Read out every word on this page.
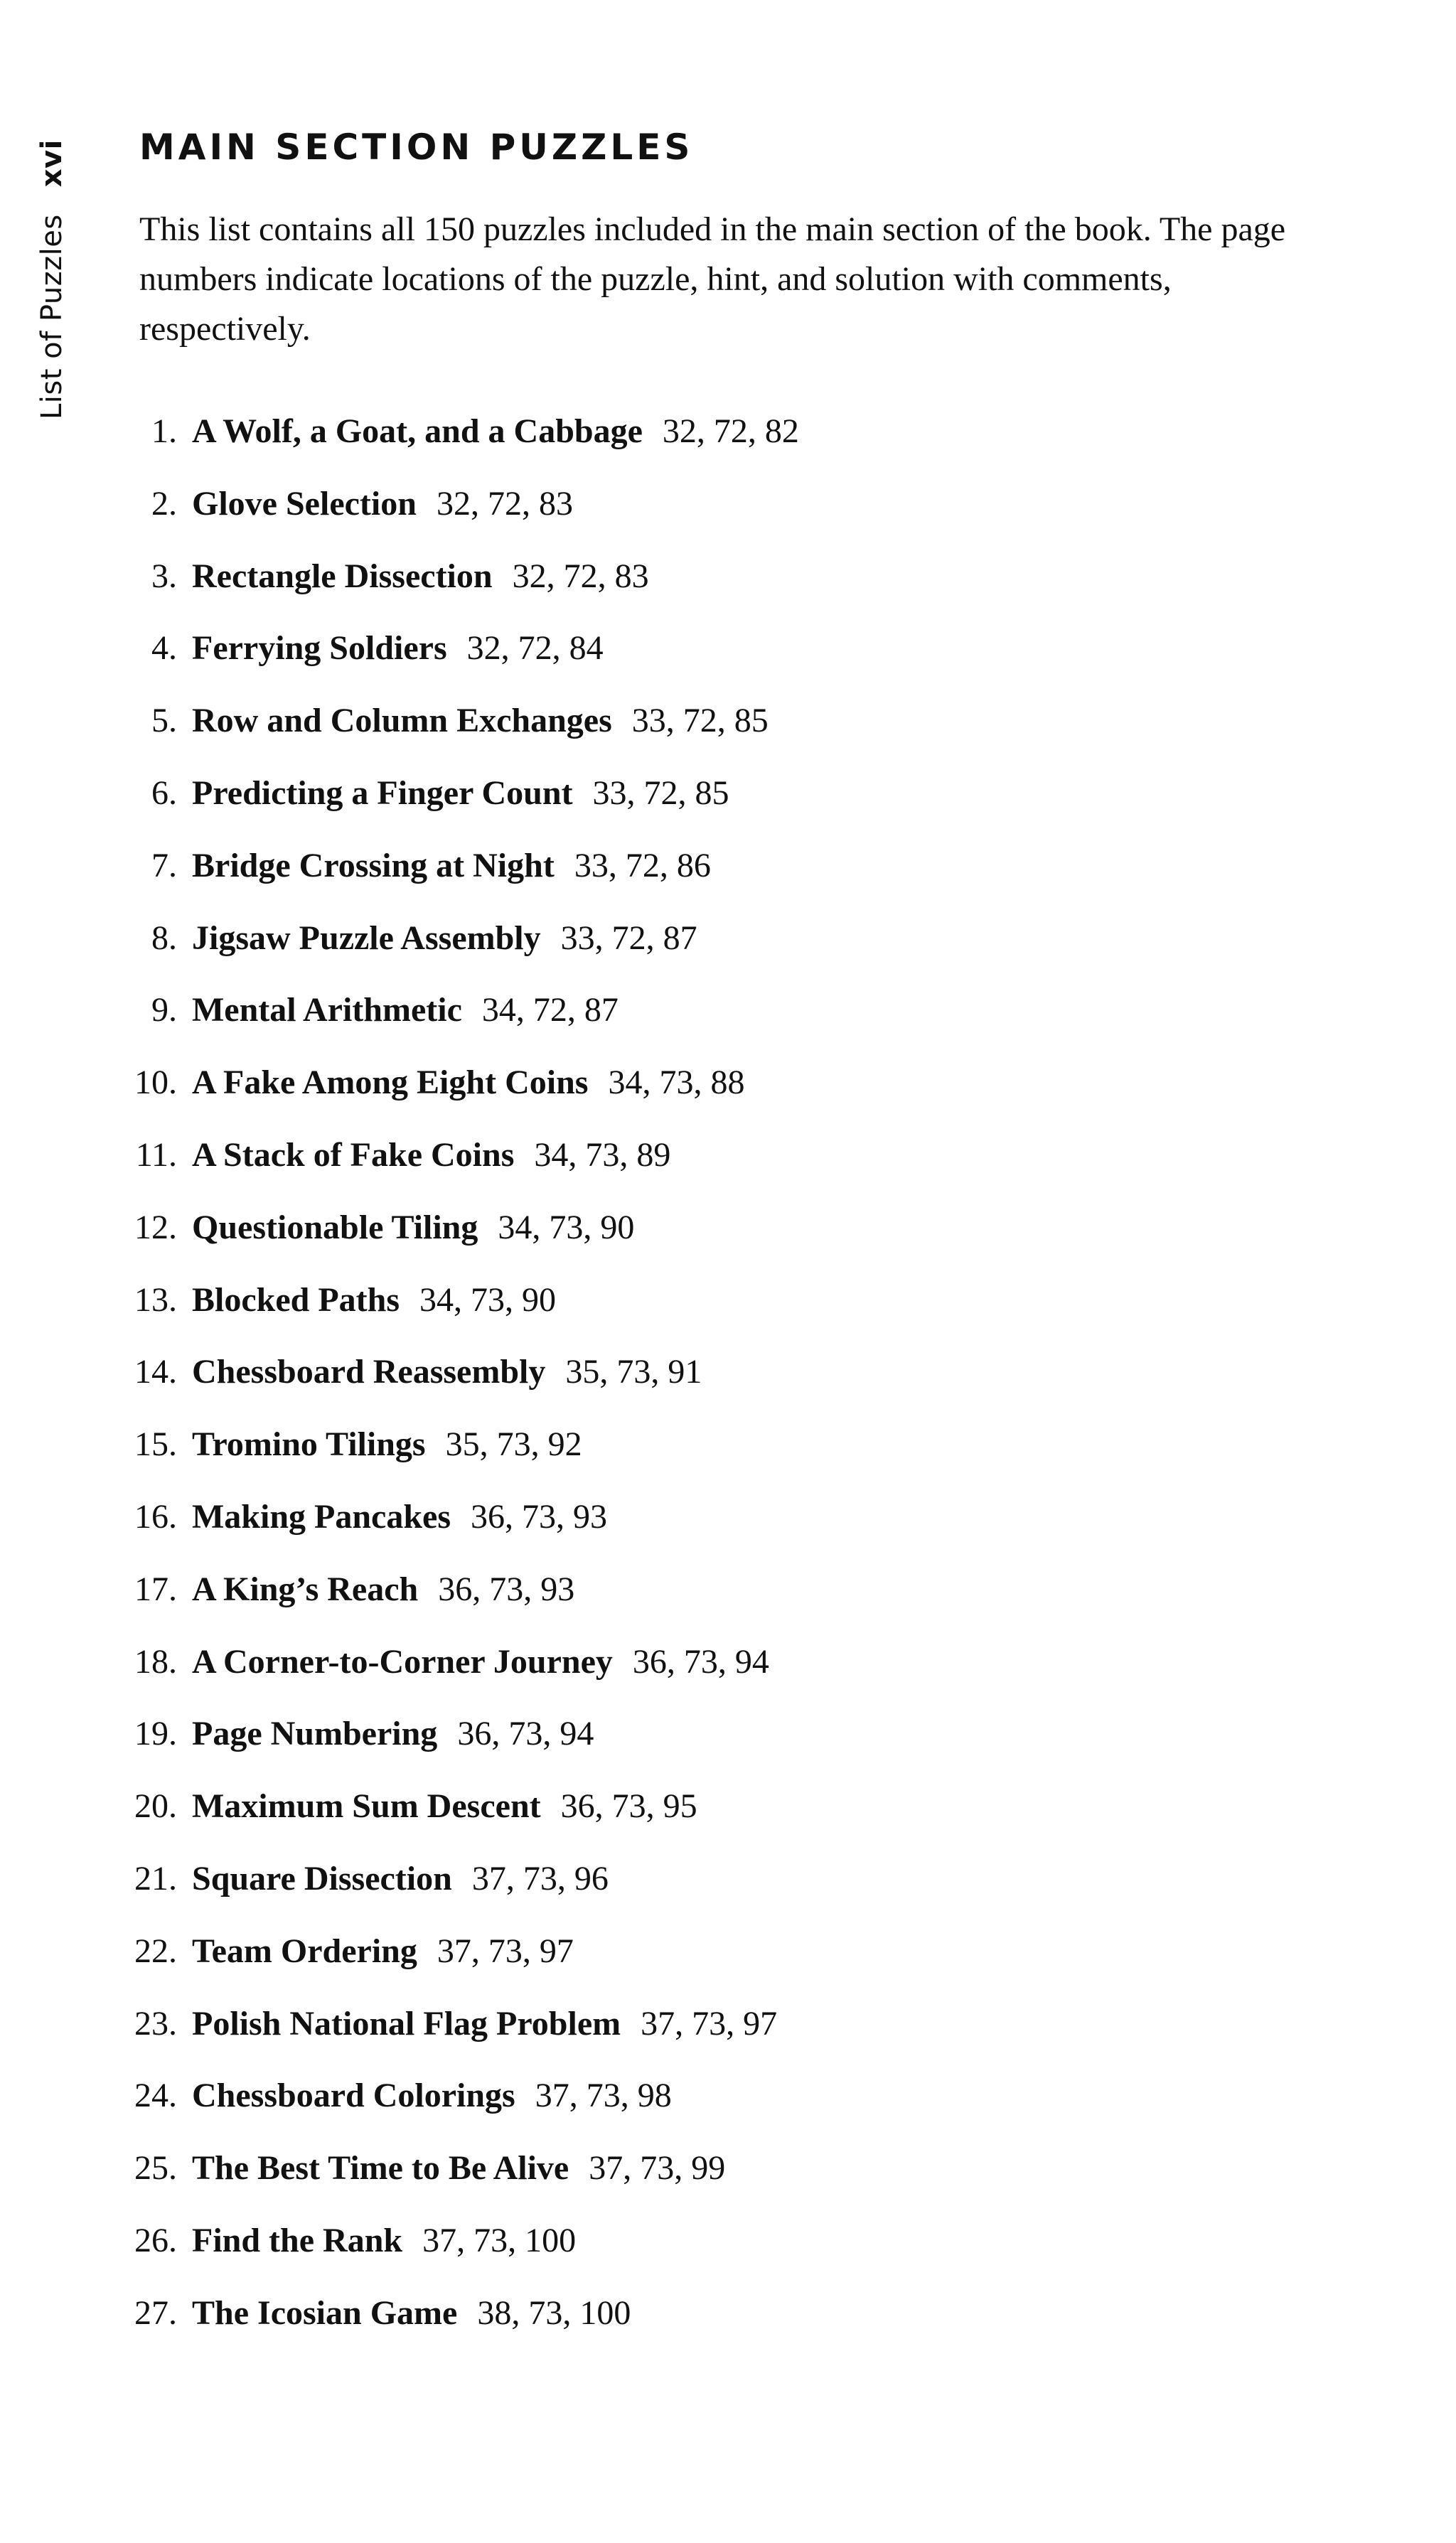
List of Puzzlesxvi MAIN SECTION PUZZLES

This list contains all 150 puzzles included in the main section of the book. The page numbers indicate locations of the puzzle, hint, and solution with comments, respectively.

1. A Wolf, a Goat, and a Cabbage 32, 72, 82
2. Glove Selection 32, 72, 83
3. Rectangle Dissection 32, 72, 83
4. Ferrying Soldiers 32, 72, 84
5. Row and Column Exchanges 33, 72, 85
6. Predicting a Finger Count 33, 72, 85
7. Bridge Crossing at Night 33, 72, 86
8. Jigsaw Puzzle Assembly 33, 72, 87
9. Mental Arithmetic 34, 72, 87
10. A Fake Among Eight Coins 34, 73, 88
11. A Stack of Fake Coins 34, 73, 89
12. Questionable Tiling 34, 73, 90
13. Blocked Paths 34, 73, 90
14. Chessboard Reassembly 35, 73, 91
15. Tromino Tilings 35, 73, 92
16. Making Pancakes 36, 73, 93
17. A King’s Reach 36, 73, 93
18. A Corner-to-Corner Journey 36, 73, 94
19. Page Numbering 36, 73, 94
20. Maximum Sum Descent 36, 73, 95
21. Square Dissection 37, 73, 96
22. Team Ordering 37, 73, 97
23. Polish National Flag Problem 37, 73, 97
24. Chessboard Colorings 37, 73, 98
25. The Best Time to Be Alive 37, 73, 99
26. Find the Rank 37, 73, 100
27. The Icosian Game 38, 73, 100
